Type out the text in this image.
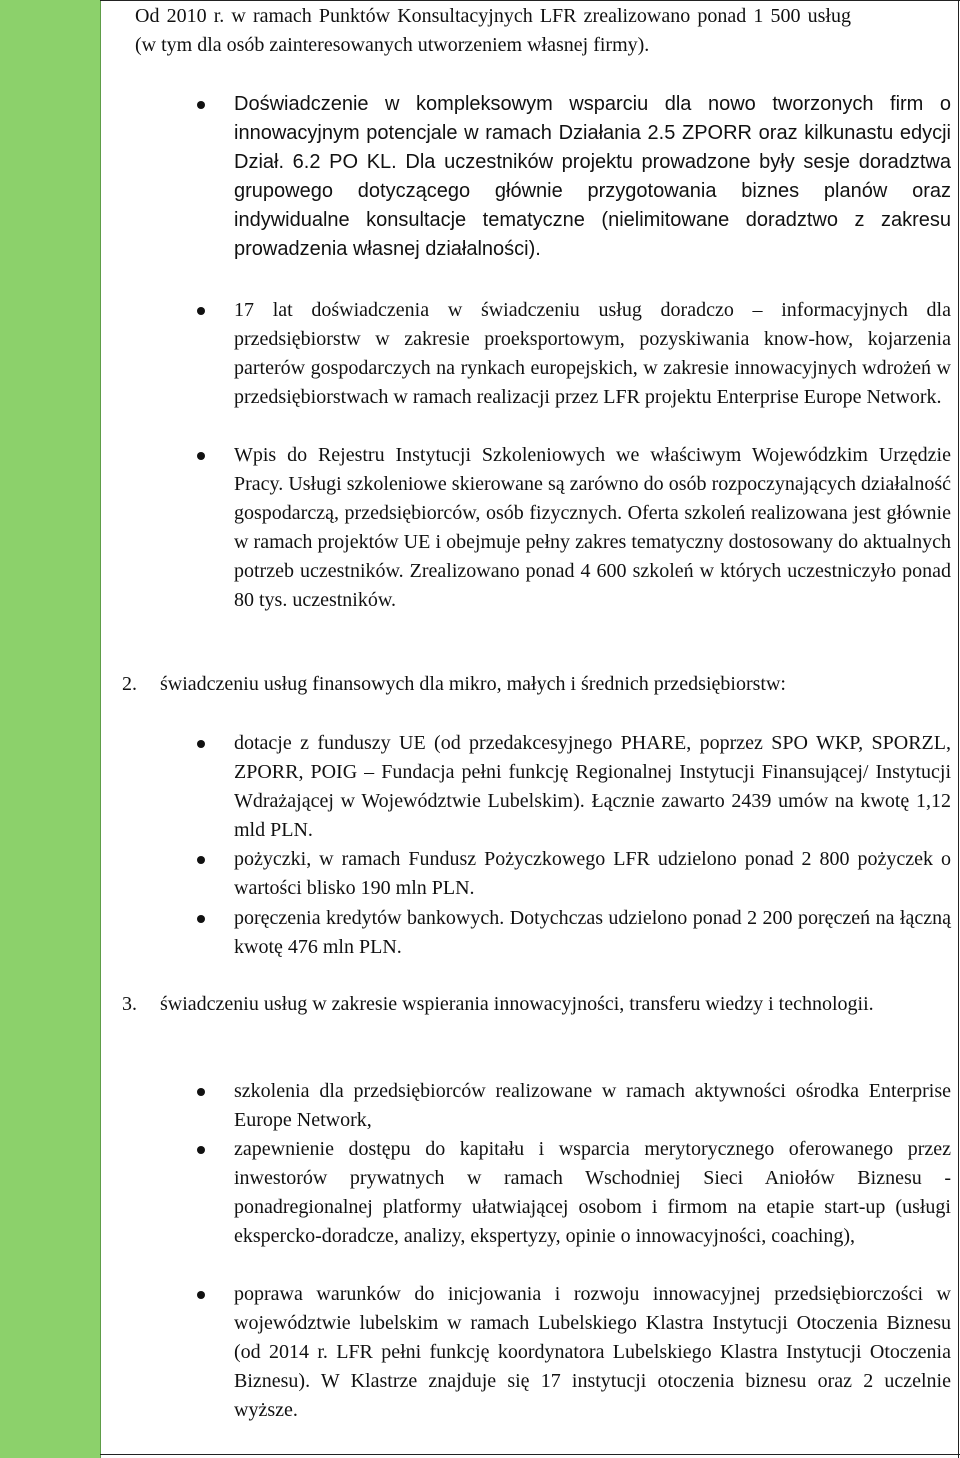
Od 2010 r. w ramach Punktów Konsultacyjnych LFR zrealizowano ponad 1 500 usług (w tym dla osób zainteresowanych utworzeniem własnej firmy).
Doświadczenie w kompleksowym wsparciu dla nowo tworzonych firm o innowacyjnym potencjale w ramach Działania 2.5 ZPORR oraz kilkunastu edycji Dział. 6.2 PO KL. Dla uczestników projektu prowadzone były sesje doradztwa grupowego dotyczącego głównie przygotowania biznes planów oraz indywidualne konsultacje tematyczne (nielimitowane doradztwo z zakresu prowadzenia własnej działalności).
17 lat doświadczenia w świadczeniu usług doradczo – informacyjnych dla przedsiębiorstw w zakresie proeksportowym, pozyskiwania know-how, kojarzenia parterów gospodarczych na rynkach europejskich, w zakresie innowacyjnych wdrożeń w przedsiębiorstwach w ramach realizacji przez LFR projektu Enterprise Europe Network.
Wpis do Rejestru Instytucji Szkoleniowych we właściwym Wojewódzkim Urzędzie Pracy. Usługi szkoleniowe skierowane są zarówno do osób rozpoczynających działalność gospodarczą, przedsiębiorców, osób fizycznych. Oferta szkoleń realizowana jest głównie w ramach projektów UE i obejmuje pełny zakres tematyczny dostosowany do aktualnych potrzeb uczestników. Zrealizowano ponad 4 600 szkoleń w których uczestniczyło ponad 80 tys. uczestników.
2. świadczeniu usług finansowych dla mikro, małych i średnich przedsiębiorstw:
dotacje z funduszy UE (od przedakcesyjnego PHARE, poprzez SPO WKP, SPORZL, ZPORR, POIG – Fundacja pełni funkcję Regionalnej Instytucji Finansującej/ Instytucji Wdrażającej w Województwie Lubelskim). Łącznie zawarto 2439 umów na kwotę 1,12 mld PLN.
pożyczki, w ramach Fundusz Pożyczkowego LFR udzielono ponad 2 800 pożyczek o wartości blisko 190 mln PLN.
poręczenia kredytów bankowych. Dotychczas udzielono ponad 2 200 poręczeń na łączną kwotę 476 mln PLN.
3. świadczeniu usług w zakresie wspierania innowacyjności, transferu wiedzy i technologii.
szkolenia dla przedsiębiorców realizowane w ramach aktywności ośrodka Enterprise Europe Network,
zapewnienie dostępu do kapitału i wsparcia merytorycznego oferowanego przez inwestorów prywatnych w ramach Wschodniej Sieci Aniołów Biznesu - ponadregionalnej platformy ułatwiającej osobom i firmom na etapie start-up (usługi ekspercko-doradcze, analizy, ekspertyzy, opinie o innowacyjności, coaching),
poprawa warunków do inicjowania i rozwoju innowacyjnej przedsiębiorczości w województwie lubelskim w ramach Lubelskiego Klastra Instytucji Otoczenia Biznesu (od 2014 r. LFR pełni funkcję koordynatora Lubelskiego Klastra Instytucji Otoczenia Biznesu). W Klastrze znajduje się 17 instytucji otoczenia biznesu oraz 2 uczelnie wyższe.
